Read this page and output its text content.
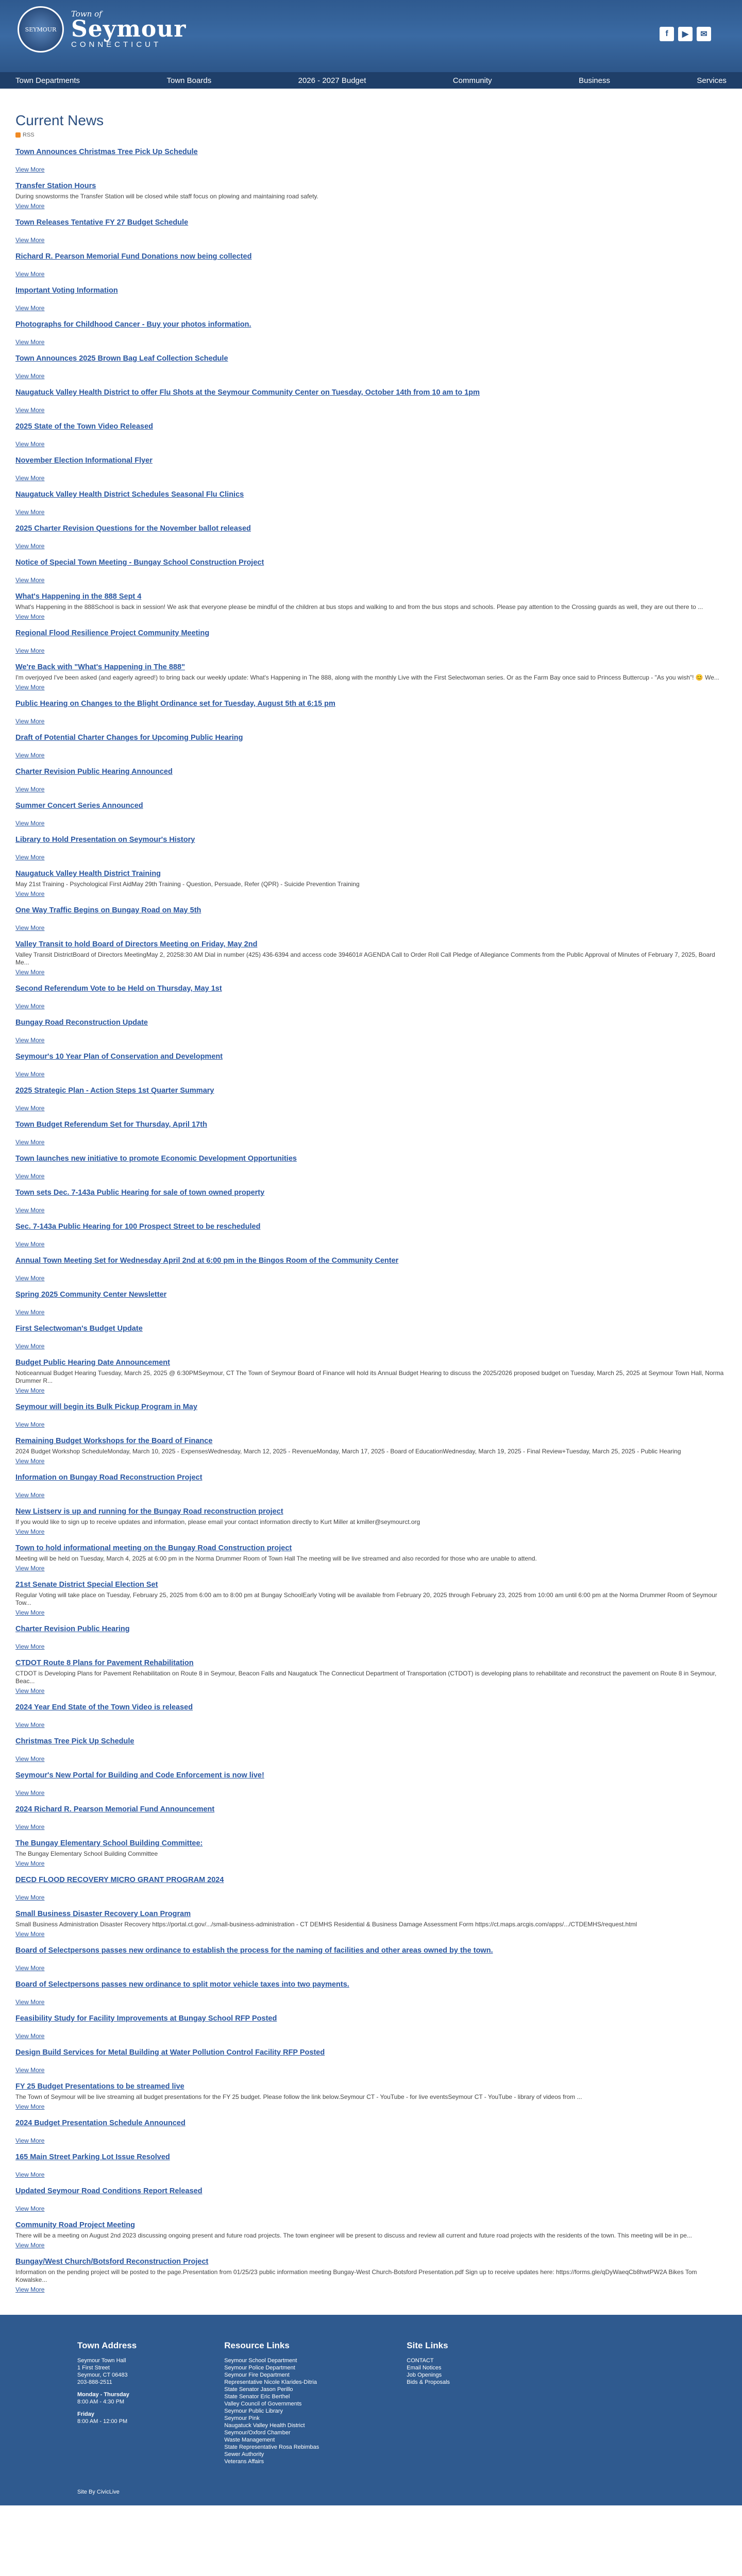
SEYMOUR
Town of
Seymour
CONNECTICUT
f	▶	✉
Town Departments	Town Boards	2026 - 2027 Budget	Community	Business	Services
Current News
RSS
Town Announces Christmas Tree Pick Up Schedule
View More
Transfer Station Hours

During snowstorms the Transfer Station will be closed while staff focus on plowing and maintaining road safety.

View More
Town Releases Tentative FY 27 Budget Schedule
View More
Richard R. Pearson Memorial Fund Donations now being collected
View More
Important Voting Information
View More
Photographs for Childhood Cancer - Buy your photos information.
View More
Town Announces 2025 Brown Bag Leaf Collection Schedule
View More
Naugatuck Valley Health District to offer Flu Shots at the Seymour Community Center on Tuesday, October 14th from 10 am to 1pm
View More
2025 State of the Town Video Released
View More
November Election Informational Flyer
View More
Naugatuck Valley Health District Schedules Seasonal Flu Clinics
View More
2025 Charter Revision Questions for the November ballot released
View More
Notice of Special Town Meeting - Bungay School Construction Project
View More
What's Happening in the 888 Sept 4

What's Happening in the 888School is back in session! We ask that everyone please be mindful of the children at bus stops and walking to and from the bus stops and schools. Please pay attention to the Crossing guards as well, they are out there to ...

View More
Regional Flood Resilience Project Community Meeting
View More
We're Back with "What's Happening in The 888"

I'm overjoyed I've been asked (and eagerly agreed!) to bring back our weekly update: What's Happening in The 888, along with the monthly Live with the First Selectwoman series. Or as the Farm Bay once said to Princess Buttercup - "As you wish"! 😊 We...

View More
Public Hearing on Changes to the Blight Ordinance set for Tuesday, August 5th at 6:15 pm
View More
Draft of Potential Charter Changes for Upcoming Public Hearing
View More
Charter Revision Public Hearing Announced
View More
Summer Concert Series Announced
View More
Library to Hold Presentation on Seymour's History
View More
Naugatuck Valley Health District Training

May 21st Training - Psychological First AidMay 29th Training - Question, Persuade, Refer (QPR) - Suicide Prevention Training

View More
One Way Traffic Begins on Bungay Road on May 5th
View More
Valley Transit to hold Board of Directors Meeting on Friday, May 2nd

Valley Transit DistrictBoard of Directors MeetingMay 2, 20258:30 AM Dial in number (425) 436-6394 and access code 394601# AGENDA Call to Order Roll Call Pledge of Allegiance Comments from the Public Approval of Minutes of February 7, 2025, Board Me...

View More
Second Referendum Vote to be Held on Thursday, May 1st
View More
Bungay Road Reconstruction Update
View More
Seymour's 10 Year Plan of Conservation and Development
View More
2025 Strategic Plan - Action Steps 1st Quarter Summary
View More
Town Budget Referendum Set for Thursday, April 17th
View More
Town launches new initiative to promote Economic Development Opportunities
View More
Town sets Dec. 7-143a Public Hearing for sale of town owned property
View More
Sec. 7-143a Public Hearing for 100 Prospect Street to be rescheduled
View More
Annual Town Meeting Set for Wednesday April 2nd at 6:00 pm in the Bingos Room of the Community Center
View More
Spring 2025 Community Center Newsletter
View More
First Selectwoman's Budget Update
View More
Budget Public Hearing Date Announcement

Noticeannual Budget Hearing Tuesday, March 25, 2025 @ 6:30PMSeymour, CT The Town of Seymour Board of Finance will hold its Annual Budget Hearing to discuss the 2025/2026 proposed budget on Tuesday, March 25, 2025 at Seymour Town Hall, Norma Drummer R...

View More
Seymour will begin its Bulk Pickup Program in May
View More
Remaining Budget Workshops for the Board of Finance

2024 Budget Workshop ScheduleMonday, March 10, 2025 - ExpensesWednesday, March 12, 2025 - RevenueMonday, March 17, 2025 - Board of EducationWednesday, March 19, 2025 - Final Review+Tuesday, March 25, 2025 - Public Hearing

View More
Information on Bungay Road Reconstruction Project
View More
New Listserv is up and running for the Bungay Road reconstruction project

If you would like to sign up to receive updates and information, please email your contact information directly to Kurt Miller at kmiller@seymourct.org

View More
Town to hold informational meeting on the Bungay Road Construction project

Meeting will be held on Tuesday, March 4, 2025 at 6:00 pm in the Norma Drummer Room of Town Hall The meeting will be live streamed and also recorded for those who are unable to attend.

View More
21st Senate District Special Election Set

Regular Voting will take place on Tuesday, February 25, 2025 from 6:00 am to 8:00 pm at Bungay SchoolEarly Voting will be available from February 20, 2025 through February 23, 2025 from 10:00 am until 6:00 pm at the Norma Drummer Room of Seymour Tow...

View More
Charter Revision Public Hearing
View More
CTDOT Route 8 Plans for Pavement Rehabilitation

CTDOT is Developing Plans for Pavement Rehabilitation on Route 8 in Seymour, Beacon Falls and Naugatuck The Connecticut Department of Transportation (CTDOT) is developing plans to rehabilitate and reconstruct the pavement on Route 8 in Seymour, Beac...

View More
2024 Year End State of the Town Video is released
View More
Christmas Tree Pick Up Schedule
View More
Seymour's New Portal for Building and Code Enforcement is now live!
View More
2024 Richard R. Pearson Memorial Fund Announcement
View More
The Bungay Elementary School Building Committee:

The Bungay Elementary School Building Committee

View More
DECD FLOOD RECOVERY MICRO GRANT PROGRAM 2024
View More
Small Business Disaster Recovery Loan Program

Small Business Administration Disaster Recovery https://portal.ct.gov/.../small-business-administration - CT DEMHS Residential & Business Damage Assessment Form https://ct.maps.arcgis.com/apps/.../CTDEMHS/request.html

View More
Board of Selectpersons passes new ordinance to establish the process for the naming of facilities and other areas owned by the town.
View More
Board of Selectpersons passes new ordinance to split motor vehicle taxes into two payments.
View More
Feasibility Study for Facility Improvements at Bungay School RFP Posted
View More
Design Build Services for Metal Building at Water Pollution Control Facility RFP Posted
View More
FY 25 Budget Presentations to be streamed live

The Town of Seymour will be live streaming all budget presentations for the FY 25 budget. Please follow the link below.Seymour CT - YouTube - for live eventsSeymour CT - YouTube - library of videos from ...

View More
2024 Budget Presentation Schedule Announced
View More
165 Main Street Parking Lot Issue Resolved
View More
Updated Seymour Road Conditions Report Released
View More
Community Road Project Meeting

There will be a meeting on August 2nd 2023 discussing ongoing present and future road projects. The town engineer will be present to discuss and review all current and future road projects with the residents of the town. This meeting will be in pe...

View More
Bungay/West Church/Botsford Reconstruction Project

Information on the pending project will be posted to the page.Presentation from 01/25/23 public information meeting Bungay-West Church-Botsford Presentation.pdf Sign up to receive updates here: https://forms.gle/qDyWaeqCb8hwtPW2A Bikes Tom Kowalske...

View More
Town Address

Seymour Town Hall

1 First Street

Seymour, CT 06483

203-888-2511

Monday - Thursday

8:00 AM - 4:30 PM

Friday

8:00 AM - 12:00 PM

Resource Links
Seymour School Department
Seymour Police Department
Seymour Fire Department
Representative Nicole Klarides-Ditria
State Senator Jason Perillo
State Senator Eric Berthel
Valley Council of Governments
Seymour Public Library
Seymour Pink
Naugatuck Valley Health District
Seymour/Oxford Chamber
Waste Management
State Representative Rosa Rebimbas
Sewer Authority
Veterans Affairs
Site Links
CONTACT
Email Notices
Job Openings
Bids & Proposals
Site By CivicLive
